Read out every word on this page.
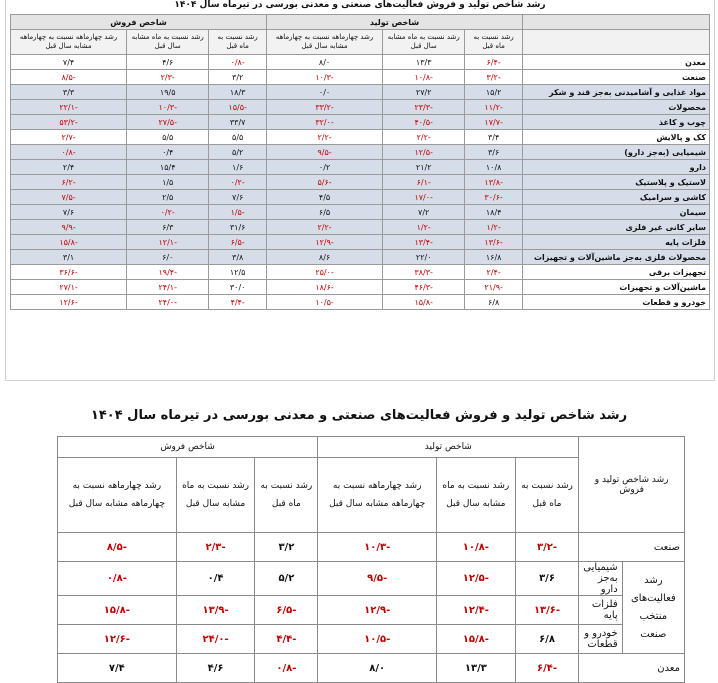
رشد شاخص تولید و فروش فعالیت‌های صنعتی و معدنی بورسی در تیرماه سال ۱۴۰۴
	شاخص تولید			شاخص فروش		
	رشد نسبت به ماه قبل	رشد نسبت به ماه مشابه سال قبل	رشد چهارماهه نسبت به چهارماهه مشابه سال قبل	رشد نسبت به ماه قبل	رشد نسبت به ماه مشابه سال قبل	رشد چهارماهه نسبت به چهارماهه مشابه سال قبل
معدن	-۶/۴	۱۳/۳	۸/۰	-۰/۸	۴/۶	۷/۴
صنعت	-۳/۲	-۱۰/۸	-۱۰/۳	۳/۲	-۲/۳	-۸/۵
مواد غذایی و آشامیدنی به‌جز قند و شکر	۱۵/۲	۲۷/۲	۰/۰	۱۸/۳	۱۹/۵	۳/۳
محصولات	-۱۱/۲	-۲۳/۳	-۳۳/۲	-۱۵/۵	-۱۰/۳	-۲۲/۱
چوب و کاغذ	-۱۷/۷	-۴۰/۵	-۳۲/۰	۳۳/۷	-۲۷/۵	-۵۳/۲
کک و پالایش	۳/۴	-۲/۲	-۲/۲	۵/۵	۵/۵	-۲/۷
شیمیایی (به‌جز دارو)	۳/۶	-۱۲/۵	-۹/۵	۵/۲	۰/۴	-۰/۸
دارو	۱۰/۸	۲۱/۲	۰/۲	۱/۶	۱۵/۴	۲/۴
لاستیک و پلاستیک	-۱۳/۸	-۶/۱	-۵/۶	-۰/۲	۱/۵	-۶/۲
کاشی و سرامیک	-۳۰/۶	-۱۷/۰	۴/۵	۷/۶	۲/۵	-۷/۵
سیمان	۱۸/۴	۷/۲	۶/۵	-۱/۵	-۰/۲	۷/۶
سایر کانی غیر فلزی	-۱/۲	-۱/۲	-۲/۲	۳۱/۶	۶/۳	-۹/۹
فلزات پایه	-۱۳/۶	-۱۳/۴	-۱۲/۹	-۶/۵	-۱۲/۱	-۱۵/۸
محصولات فلزی به‌جز ماشین‌آلات و تجهیزات	۱۶/۸	۲۲/۰	۸/۶	۳/۸	۶/۰	۳/۱
تجهیزات برقی	-۲/۴	-۳۸/۳	-۲۵/۰	۱۲/۵	-۱۹/۴	-۳۶/۶
ماشین‌آلات و تجهیزات	-۲۱/۹	-۴۶/۳	-۱۸/۶	۳۰/۰	-۲۴/۱	-۲۷/۱
خودرو و قطعات	۶/۸	-۱۵/۸	-۱۰/۵	-۴/۴	-۲۴/۰	-۱۲/۶
رشد شاخص تولید و فروش فعالیت‌های صنعتی و معدنی بورسی در تیرماه سال ۱۴۰۴
رشد شاخص تولید و فروش		شاخص تولید			شاخص فروش		
		رشد نسبت به ماه قبل	رشد نسبت به ماه مشابه سال قبل	رشد چهارماهه نسبت به چهارماهه مشابه سال قبل	رشد نسبت به ماه قبل	رشد نسبت به ماه مشابه سال قبل	رشد چهارماهه نسبت به چهارماهه مشابه سال قبل
صنعت		-۳/۲	-۱۰/۸	-۱۰/۳	۳/۲	-۲/۳	-۸/۵
رشد فعالیت‌های منتخب صنعت	شیمیایی به‌جز دارو	۳/۶	-۱۲/۵	-۹/۵	۵/۲	۰/۴	-۰/۸
	فلزات پایه	-۱۳/۶	-۱۲/۴	-۱۲/۹	-۶/۵	-۱۳/۹	-۱۵/۸
	خودرو و قطعات	۶/۸	-۱۵/۸	-۱۰/۵	-۴/۴	-۲۴/۰	-۱۲/۶
معدن		-۶/۴	۱۳/۳	۸/۰	-۰/۸	۴/۶	۷/۴
